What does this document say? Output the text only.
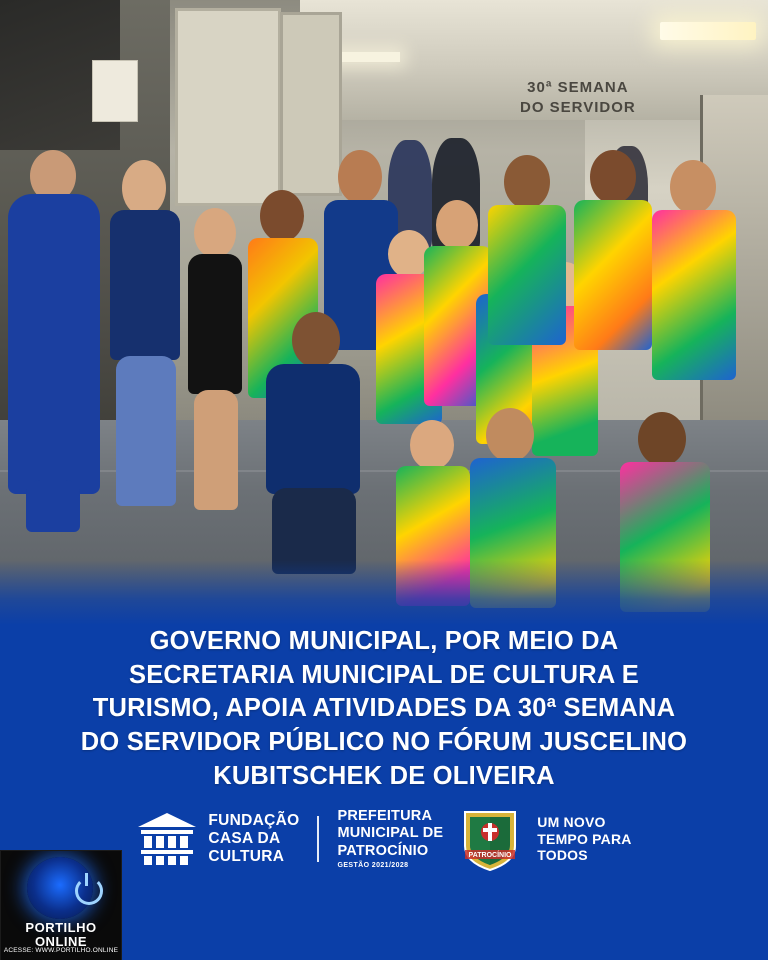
30ª SEMANA
DO SERVIDOR
GOVERNO MUNICIPAL, POR MEIO DA
SECRETARIA MUNICIPAL DE CULTURA E
TURISMO, APOIA ATIVIDADES DA 30ª SEMANA
DO SERVIDOR PÚBLICO NO FÓRUM JUSCELINO
KUBITSCHEK DE OLIVEIRA
FUNDAÇÃO
CASA DA
CULTURA
PREFEITURA
MUNICIPAL DE
PATROCÍNIO
GESTÃO 2021/2028
PATROCÍNIO
UM NOVO
TEMPO PARA
TODOS
PORTILHO
ONLINE
ACESSE: WWW.PORTILHO.ONLINE
